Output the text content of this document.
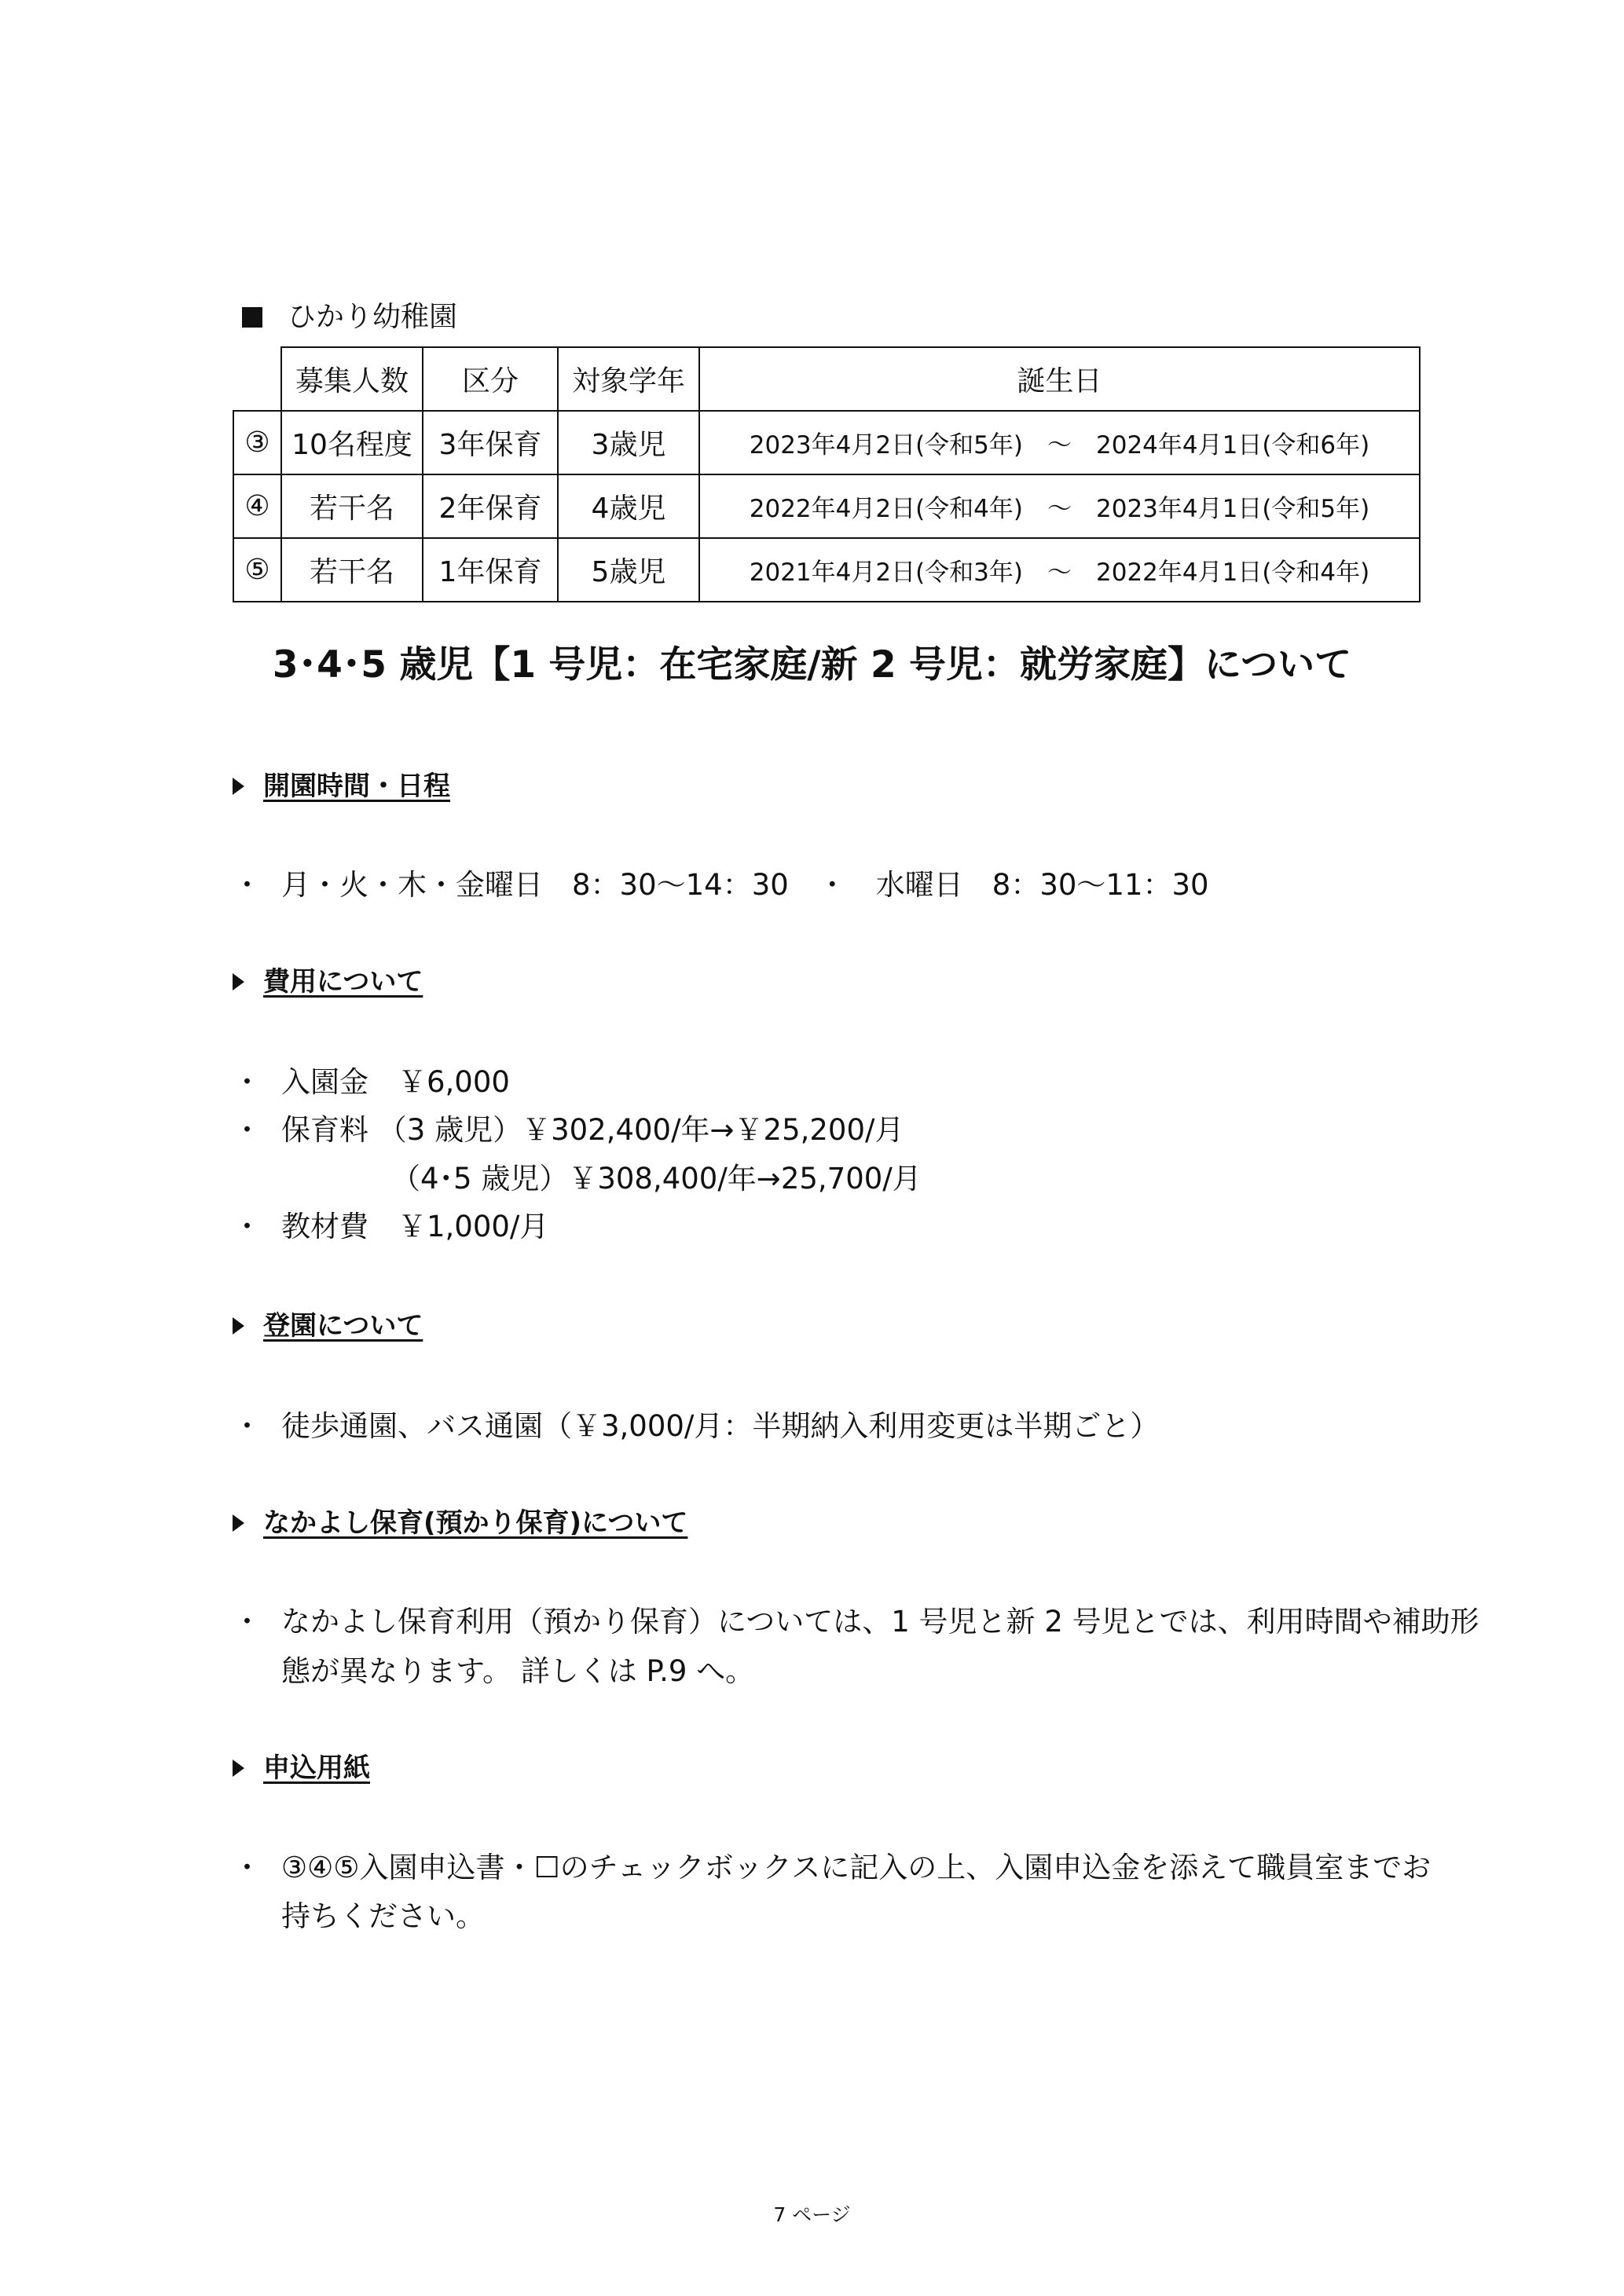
ひかり幼稚園
	募集人数	区分	対象学年	誕生日
③	10名程度	3年保育	3歳児	2023年4月2日(令和5年)　～　2024年4月1日(令和6年)
④	若干名	2年保育	4歳児	2022年4月2日(令和4年)　～　2023年4月1日(令和5年)
⑤	若干名	1年保育	5歳児	2021年4月2日(令和3年)　～　2022年4月1日(令和4年)
3･4･5 歳児【1 号児：在宅家庭/新 2 号児：就労家庭】について
開園時間・日程
・ 月・火・木・金曜日　8：30～14：30　・　水曜日　8：30～11：30
費用について
・ 入園金　￥6,000
・ 保育料 （3 歳児）￥302,400/年→￥25,200/月
（4･5 歳児）￥308,400/年→25,700/月
・ 教材費　￥1,000/月
登園について
・ 徒歩通園、バス通園（￥3,000/月：半期納入利用変更は半期ごと）
なかよし保育(預かり保育)について
・ なかよし保育利用（預かり保育）については、1 号児と新 2 号児とでは、利用時間や補助形
態が異なります。 詳しくは P.9 へ。
申込用紙
・ ③④⑤入園申込書・☐のチェックボックスに記入の上、入園申込金を添えて職員室までお
持ちください。
7 ページ
